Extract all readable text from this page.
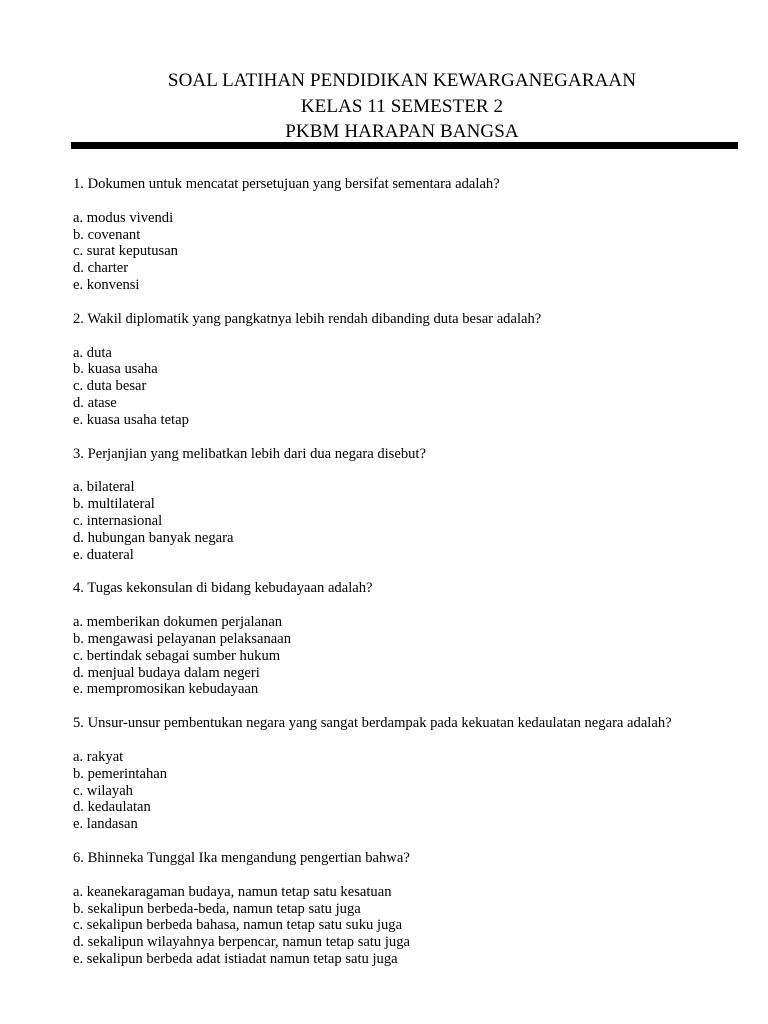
SOAL LATIHAN PENDIDIKAN KEWARGANEGARAAN
KELAS 11 SEMESTER 2
PKBM HARAPAN BANGSA
1. Dokumen untuk mencatat persetujuan yang bersifat sementara adalah?
a. modus vivendi
b. covenant
c. surat keputusan
d. charter
e. konvensi
2. Wakil diplomatik yang pangkatnya lebih rendah dibanding duta besar adalah?
a. duta
b. kuasa usaha
c. duta besar
d. atase
e. kuasa usaha tetap
3. Perjanjian yang melibatkan lebih dari dua negara disebut?
a. bilateral
b. multilateral
c. internasional
d. hubungan banyak negara
e. duateral
4. Tugas kekonsulan di bidang kebudayaan adalah?
a. memberikan dokumen perjalanan
b. mengawasi pelayanan pelaksanaan
c. bertindak sebagai sumber hukum
d. menjual budaya dalam negeri
e. mempromosikan kebudayaan
5. Unsur-unsur pembentukan negara yang sangat berdampak pada kekuatan kedaulatan negara adalah?
a. rakyat
b. pemerintahan
c. wilayah
d. kedaulatan
e. landasan
6. Bhinneka Tunggal Ika mengandung pengertian bahwa?
a. keanekaragaman budaya, namun tetap satu kesatuan
b. sekalipun berbeda-beda, namun tetap satu juga
c. sekalipun berbeda bahasa, namun tetap satu suku juga
d. sekalipun wilayahnya berpencar, namun tetap satu juga
e. sekalipun berbeda adat istiadat namun tetap satu juga
